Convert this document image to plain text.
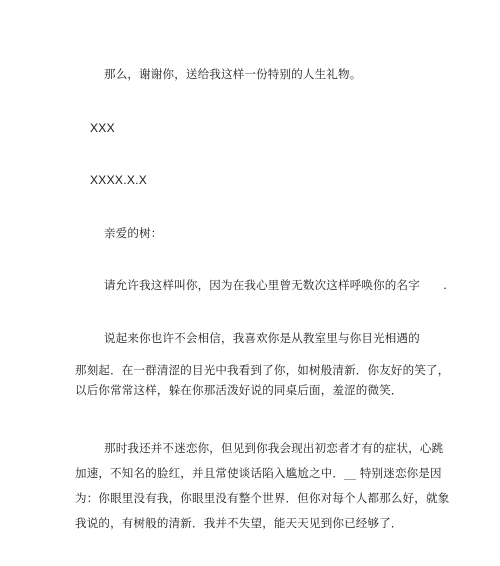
那么，谢谢你，送给我这样一份特别的人生礼物。
XXX
XXXX.X.X
亲爱的树：
请允许我这样叫你，因为在我心里曾无数次这样呼唤你的名字　　.
说起来你也许不会相信，我喜欢你是从教室里与你目光相遇的
那刻起．在一群清涩的目光中我看到了你，如树般清新．你友好的笑了，
以后你常常这样，躲在你那活泼好说的同桌后面，羞涩的微笑．
那时我还并不迷恋你，但见到你我会现出初恋者才有的症状，心跳
加速，不知名的脸红，并且常使谈话陷入尴尬之中．__ 特别迷恋你是因
为：你眼里没有我，你眼里没有整个世界．但你对每个人都那么好，就象
我说的，有树般的清新．我并不失望，能天天见到你已经够了．
